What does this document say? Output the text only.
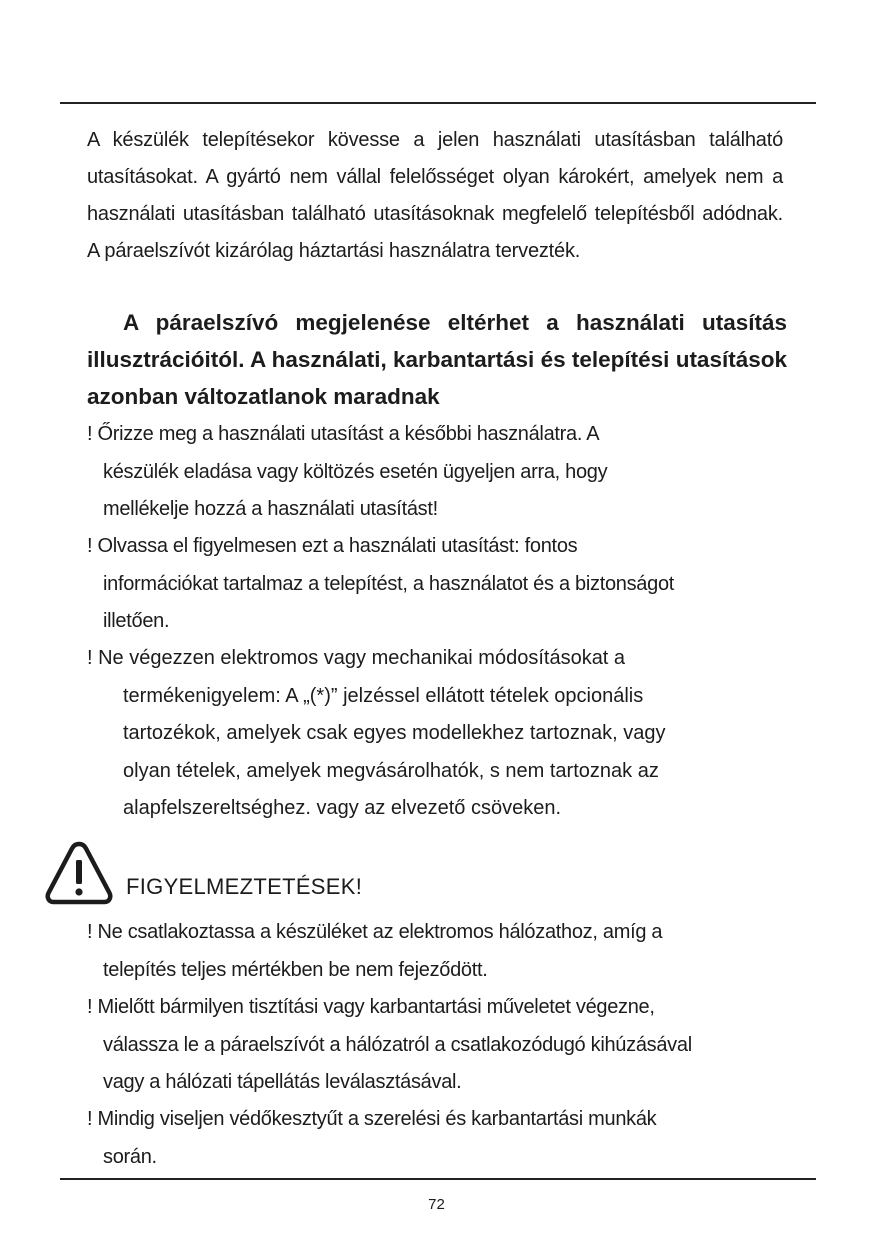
A készülék telepítésekor kövesse a jelen használati utasításban található utasításokat. A gyártó nem vállal felelősséget olyan károkért, amelyek nem a használati utasításban található utasításoknak megfelelő telepítésből adódnak. A páraelszívót kizárólag háztartási használatra tervezték.

A páraelszívó megjelenése eltérhet a használati utasítás illusztrációitól. A használati, karbantartási és telepítési utasítások azonban változatlanok maradnak

! Őrizze meg a használati utasítást a későbbi használatra. A
készülék eladása vagy költözés esetén ügyeljen arra, hogy
mellékelje hozzá a használati utasítást!
! Olvassa el figyelmesen ezt a használati utasítást: fontos
információkat tartalmaz a telepítést, a használatot és a biztonságot
illetően.
! Ne végezzen elektromos vagy mechanikai módosításokat a
termékenigyelem: A „(*)” jelzéssel ellátott tételek opcionális
tartozékok, amelyek csak egyes modellekhez tartoznak, vagy
olyan tételek, amelyek megvásárolhatók, s nem tartoznak az
alapfelszereltséghez. vagy az elvezető csöveken.
FIGYELMEZTETÉSEK!
! Ne csatlakoztassa a készüléket az elektromos hálózathoz, amíg a
telepítés teljes mértékben be nem fejeződött.
! Mielőtt bármilyen tisztítási vagy karbantartási műveletet végezne,
válassza le a páraelszívót a hálózatról a csatlakozódugó kihúzásával
vagy a hálózati tápellátás leválasztásával.
! Mindig viseljen védőkesztyűt a szerelési és karbantartási munkák
során.
72
